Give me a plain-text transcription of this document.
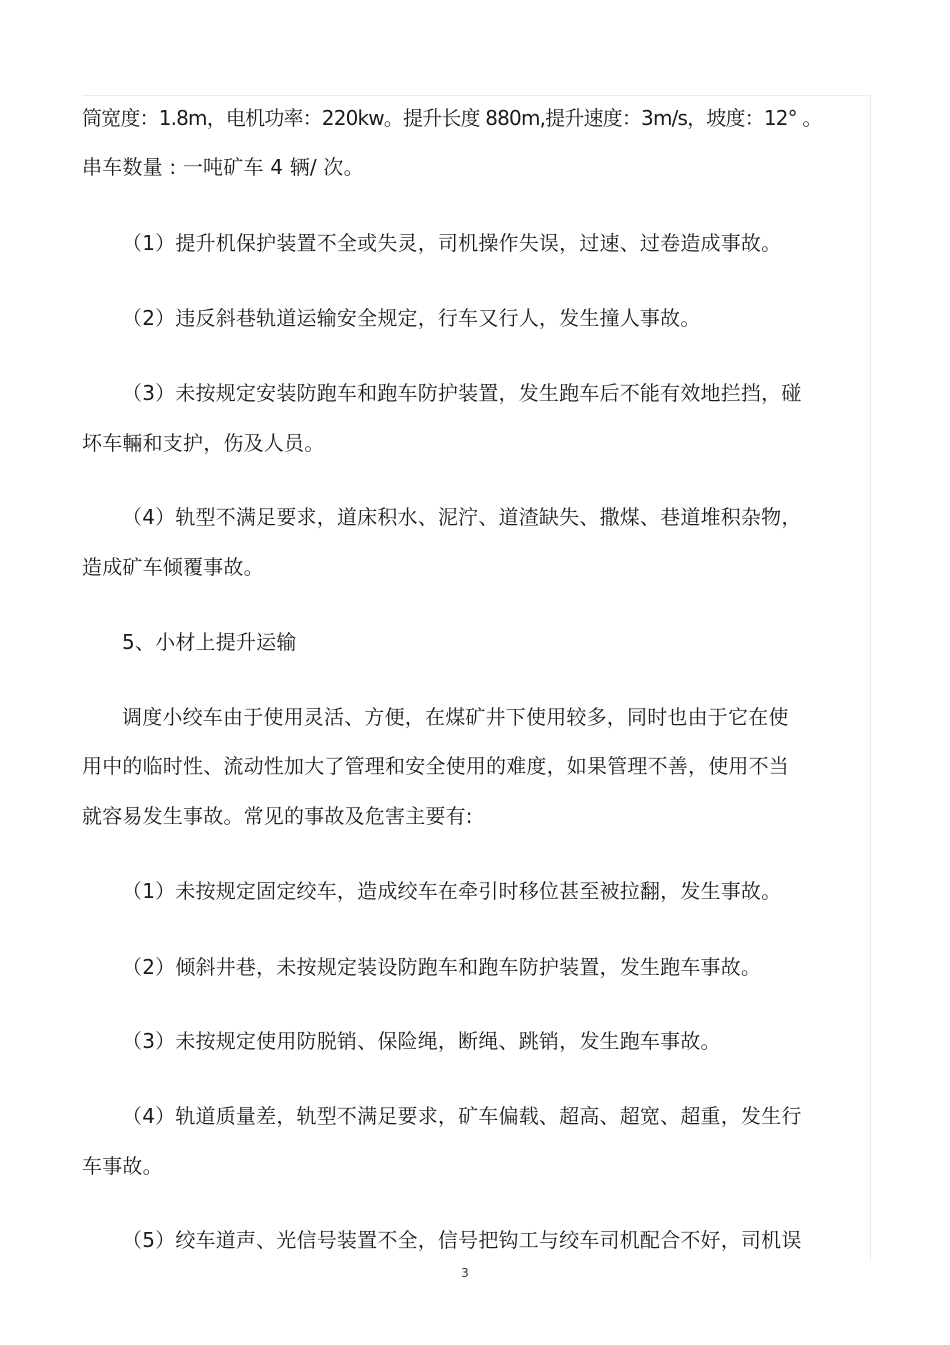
筒宽度：1.8m，电机功率：220kw。提升长度 880m,提升速度：3m/s，坡度：12° 。
串车数量 : 一吨矿车 4 辆/ 次。
（1）提升机保护装置不全或失灵，司机操作失误，过速、过卷造成事故。
（2）违反斜巷轨道运输安全规定，行车又行人，发生撞人事故。
（3）未按规定安装防跑车和跑车防护装置，发生跑车后不能有效地拦挡，碰
坏车輛和支护，伤及人员。
（4）轨型不满足要求，道床积水、泥泞、道渣缺失、撒煤、巷道堆积杂物，
造成矿车倾覆事故。
5、小材上提升运输
调度小绞车由于使用灵活、方便，在煤矿井下使用较多，同时也由于它在使
用中的临时性、流动性加大了管理和安全使用的难度，如果管理不善，使用不当
就容易发生事故。常见的事故及危害主要有:
（1）未按规定固定绞车，造成绞车在牵引时移位甚至被拉翻，发生事故。
（2）倾斜井巷，未按规定装设防跑车和跑车防护装置，发生跑车事故。
（3）未按规定使用防脱销、保险绳，断绳、跳销，发生跑车事故。
（4）轨道质量差，轨型不满足要求，矿车偏载、超高、超宽、超重，发生行
车事故。
（5）绞车道声、光信号装置不全，信号把钩工与绞车司机配合不好，司机误
3
